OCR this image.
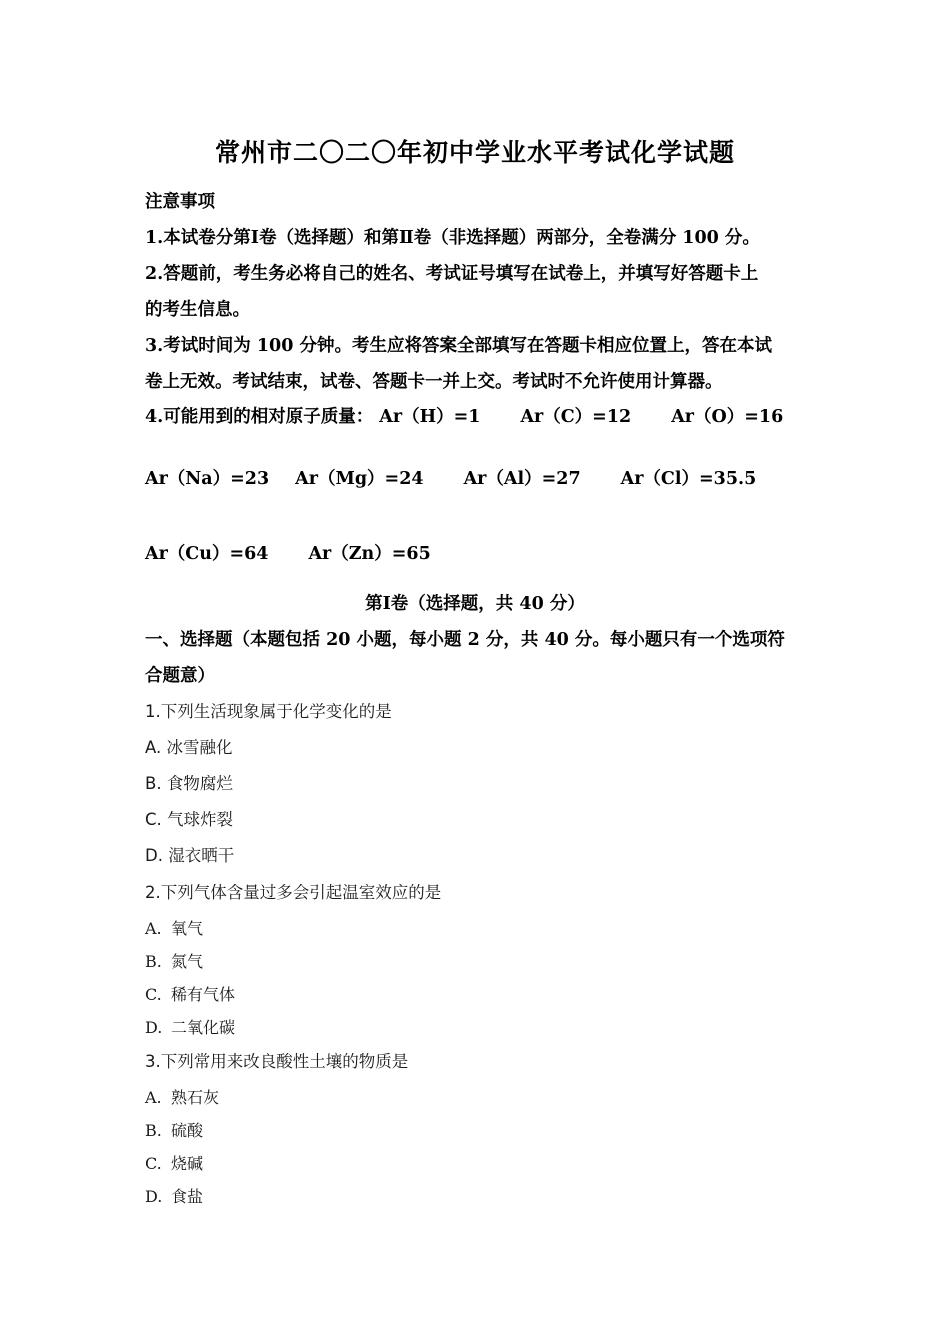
常州市二〇二〇年初中学业水平考试化学试题
注意事项
1.本试卷分第Ⅰ卷（选择题）和第Ⅱ卷（非选择题）两部分，全卷满分 100 分。
2.答题前，考生务必将自己的姓名、考试证号填写在试卷上，并填写好答题卡上
的考生信息。
3.考试时间为 100 分钟。考生应将答案全部填写在答题卡相应位置上，答在本试
卷上无效。考试结束，试卷、答题卡一并上交。考试时不允许使用计算器。
4.可能用到的相对原子质量： Ar（H）=1 Ar（C）=12 Ar（O）=16
Ar（Na）=23 Ar（Mg）=24 Ar（Al）=27 Ar（Cl）=35.5
Ar（Cu）=64 Ar（Zn）=65
第Ⅰ卷（选择题，共 40 分）
一、选择题（本题包括 20 小题，每小题 2 分，共 40 分。每小题只有一个选项符
合题意）
1.下列生活现象属于化学变化的是
A. 冰雪融化
B. 食物腐烂
C. 气球炸裂
D. 湿衣晒干
2.下列气体含量过多会引起温室效应的是
A. 氧气
B. 氮气
C. 稀有气体
D. 二氧化碳
3.下列常用来改良酸性土壤的物质是
A. 熟石灰
B. 硫酸
C. 烧碱
D. 食盐
